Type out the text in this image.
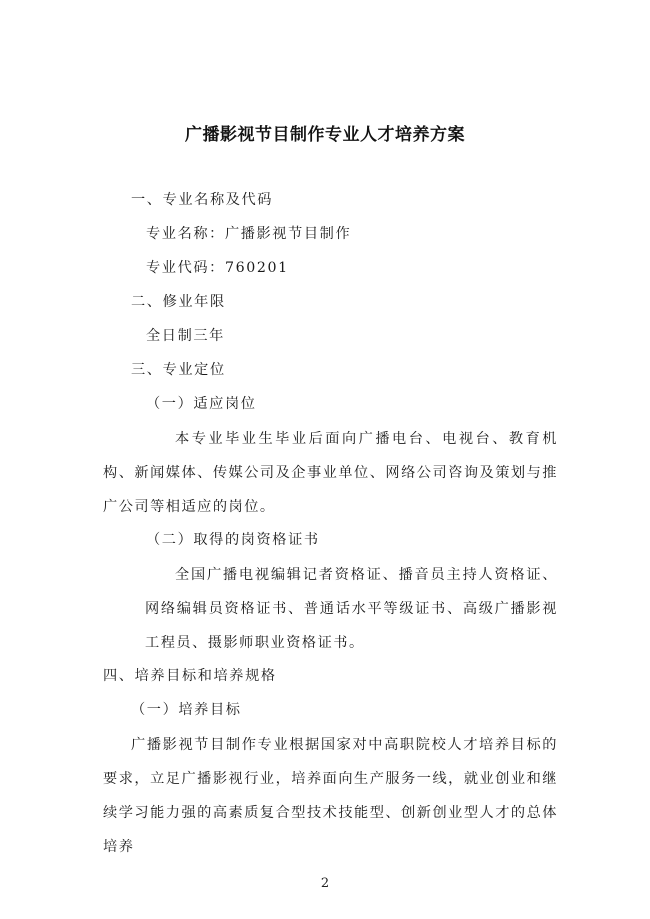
广播影视节目制作专业人才培养方案
一、专业名称及代码
专业名称：广播影视节目制作
专业代码：760201
二、修业年限
全日制三年
三、专业定位
（一）适应岗位
本专业毕业生毕业后面向广播电台、电视台、教育机构、新闻媒体、传媒公司及企事业单位、网络公司咨询及策划与推广公司等相适应的岗位。
（二）取得的岗资格证书
全国广播电视编辑记者资格证、播音员主持人资格证、网络编辑员资格证书、普通话水平等级证书、高级广播影视工程员、摄影师职业资格证书。
四、培养目标和培养规格
（一）培养目标
广播影视节目制作专业根据国家对中高职院校人才培养目标的要求，立足广播影视行业，培养面向生产服务一线，就业创业和继续学习能力强的高素质复合型技术技能型、创新创业型人才的总体培养
2
